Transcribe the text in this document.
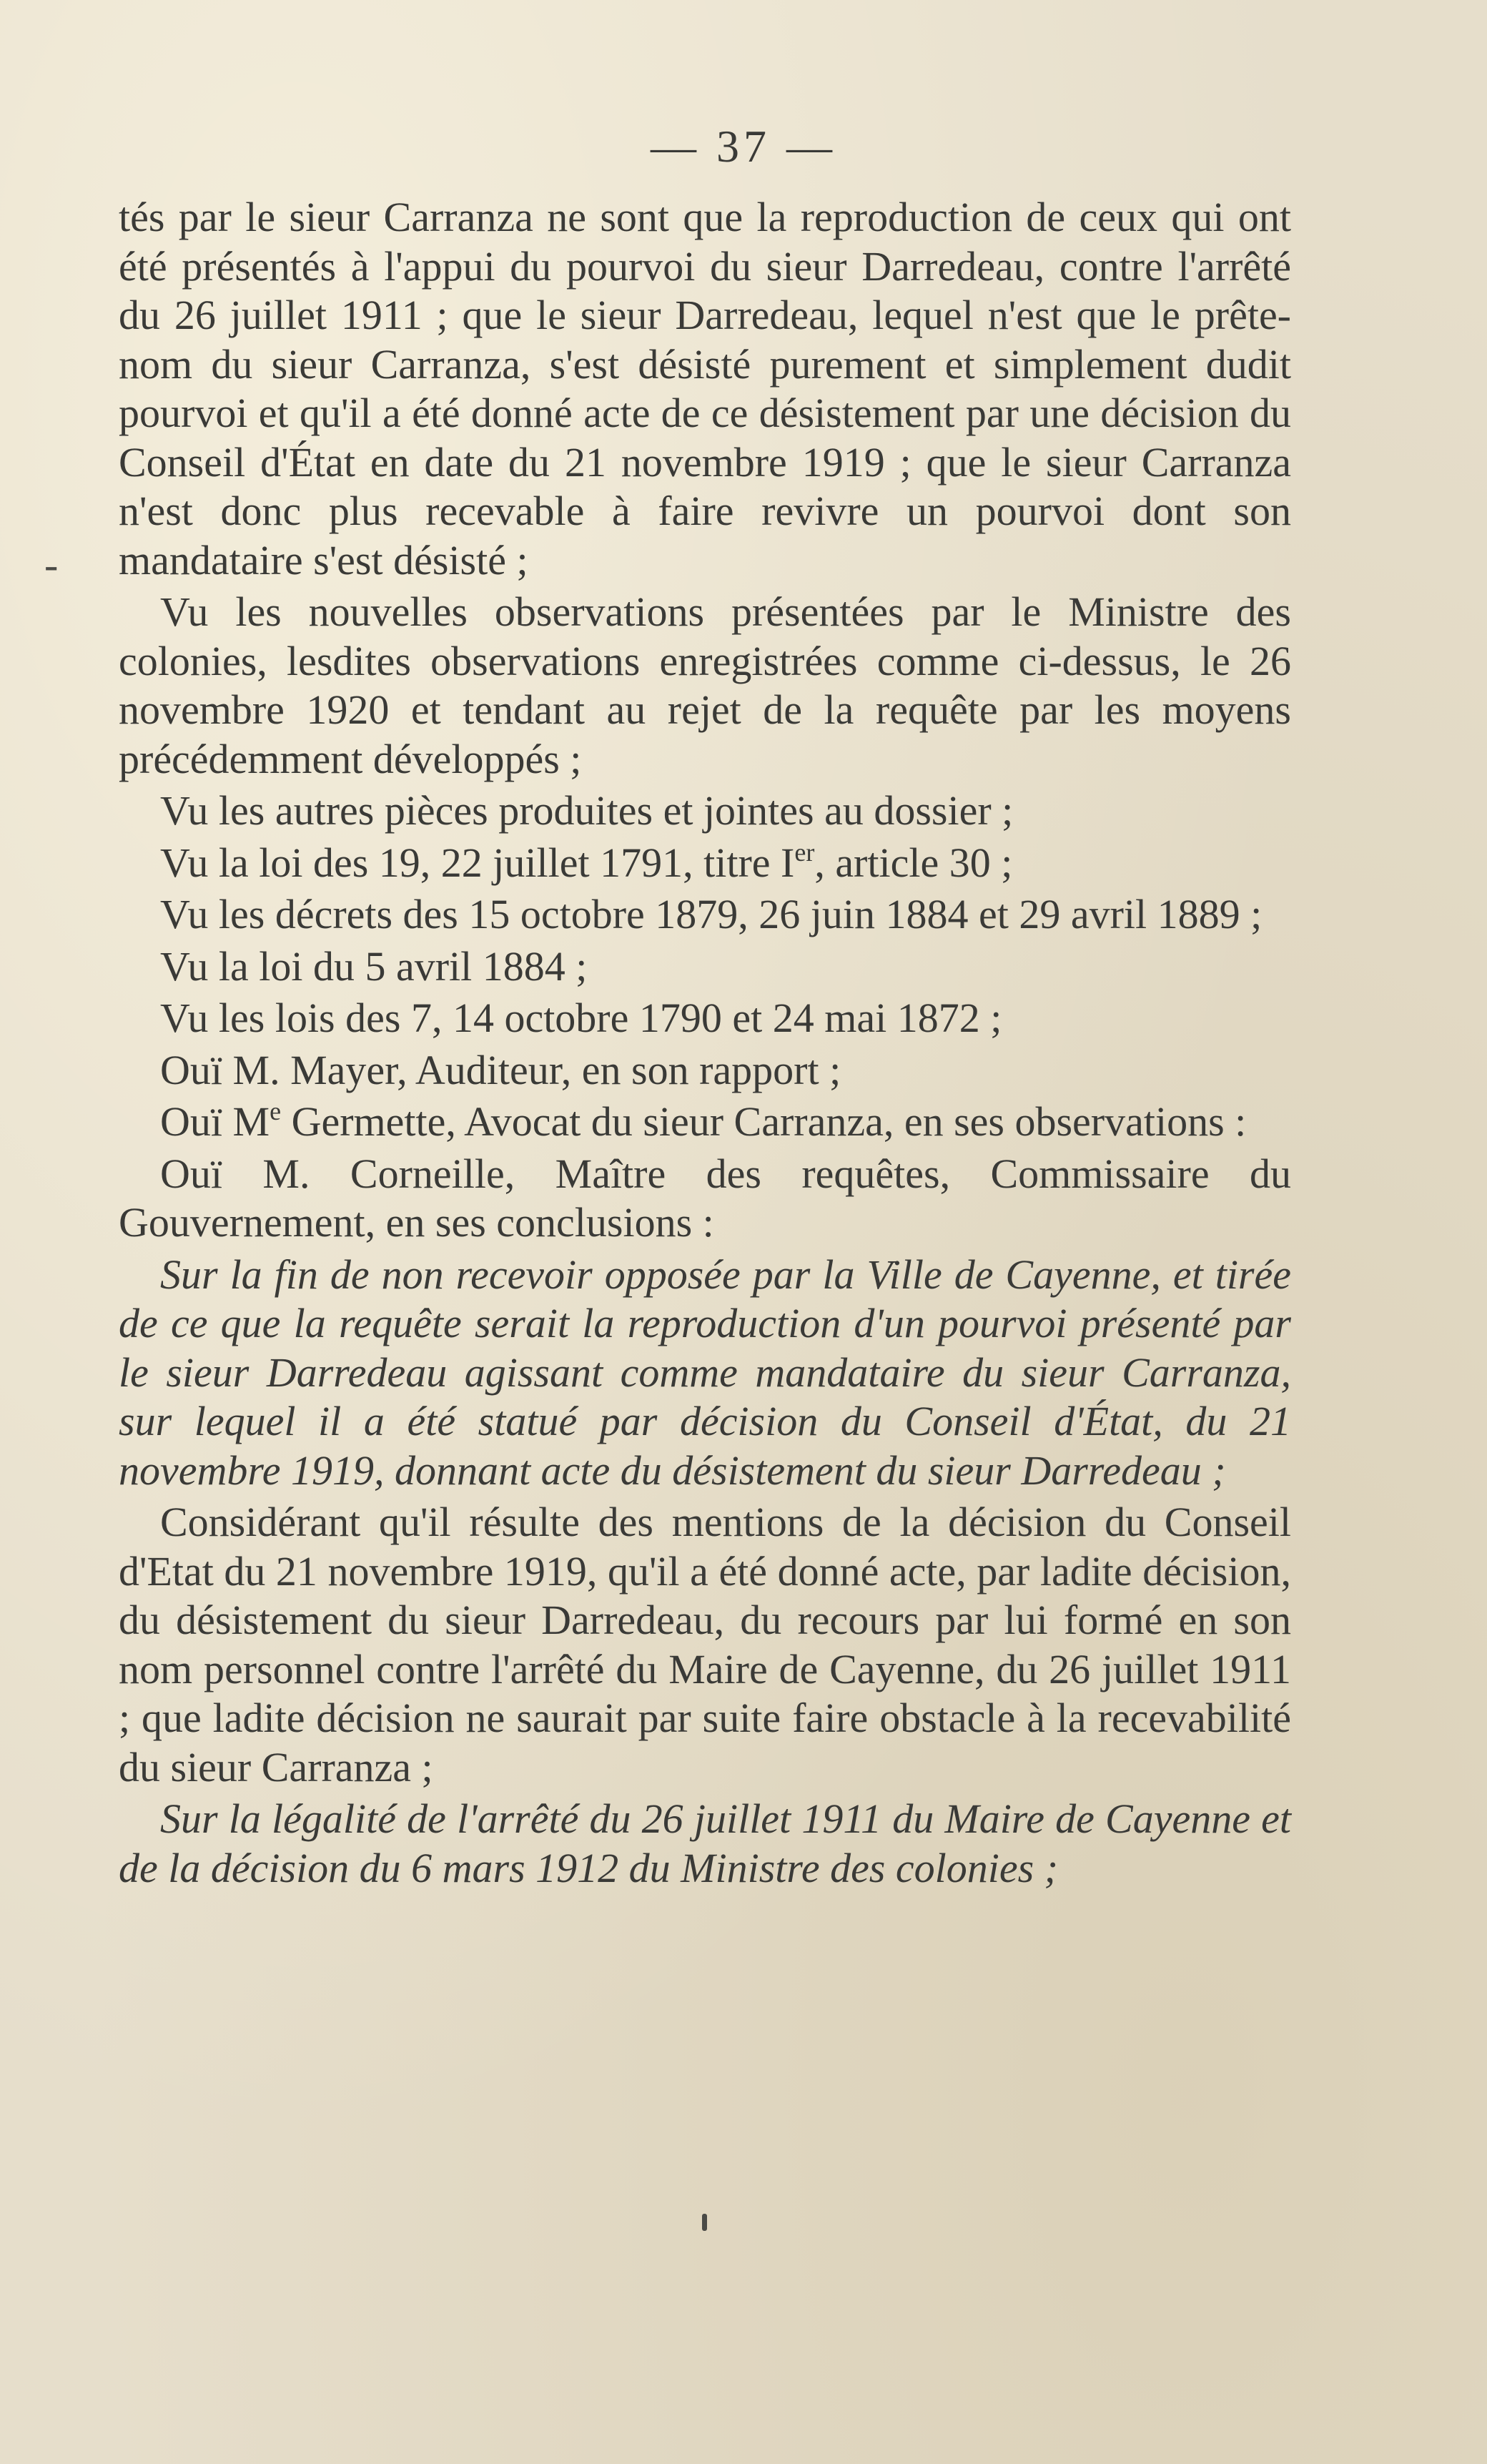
— 37 —
-

tés par le sieur Carranza ne sont que la reproduction de ceux qui ont été présentés à l'appui du pourvoi du sieur Darredeau, contre l'arrêté du 26 juillet 1911 ; que le sieur Darredeau, lequel n'est que le prête-nom du sieur Carranza, s'est désisté purement et simplement dudit pourvoi et qu'il a été donné acte de ce désistement par une décision du Conseil d'État en date du 21 novembre 1919 ; que le sieur Carranza n'est donc plus recevable à faire revivre un pourvoi dont son mandataire s'est désisté ;

Vu les nouvelles observations présentées par le Ministre des colonies, lesdites observations enregistrées comme ci-dessus, le 26 novembre 1920 et tendant au rejet de la requête par les moyens précédemment développés ;

Vu les autres pièces produites et jointes au dossier ;

Vu la loi des 19, 22 juillet 1791, titre Ier, article 30 ;

Vu les décrets des 15 octobre 1879, 26 juin 1884 et 29 avril 1889 ;

Vu la loi du 5 avril 1884 ;

Vu les lois des 7, 14 octobre 1790 et 24 mai 1872 ;

Ouï M. Mayer, Auditeur, en son rapport ;

Ouï Me Germette, Avocat du sieur Carranza, en ses observations :

Ouï M. Corneille, Maître des requêtes, Commissaire du Gouvernement, en ses conclusions :

Sur la fin de non recevoir opposée par la Ville de Cayenne, et tirée de ce que la requête serait la reproduction d'un pourvoi présenté par le sieur Darredeau agissant comme mandataire du sieur Carranza, sur lequel il a été statué par décision du Conseil d'État, du 21 novembre 1919, donnant acte du désistement du sieur Darredeau ;

Considérant qu'il résulte des mentions de la décision du Conseil d'Etat du 21 novembre 1919, qu'il a été donné acte, par ladite décision, du désistement du sieur Darredeau, du recours par lui formé en son nom personnel contre l'arrêté du Maire de Cayenne, du 26 juillet 1911 ; que ladite décision ne saurait par suite faire obstacle à la recevabilité du sieur Carranza ;

Sur la légalité de l'arrêté du 26 juillet 1911 du Maire de Cayenne et de la décision du 6 mars 1912 du Ministre des colonies ;
